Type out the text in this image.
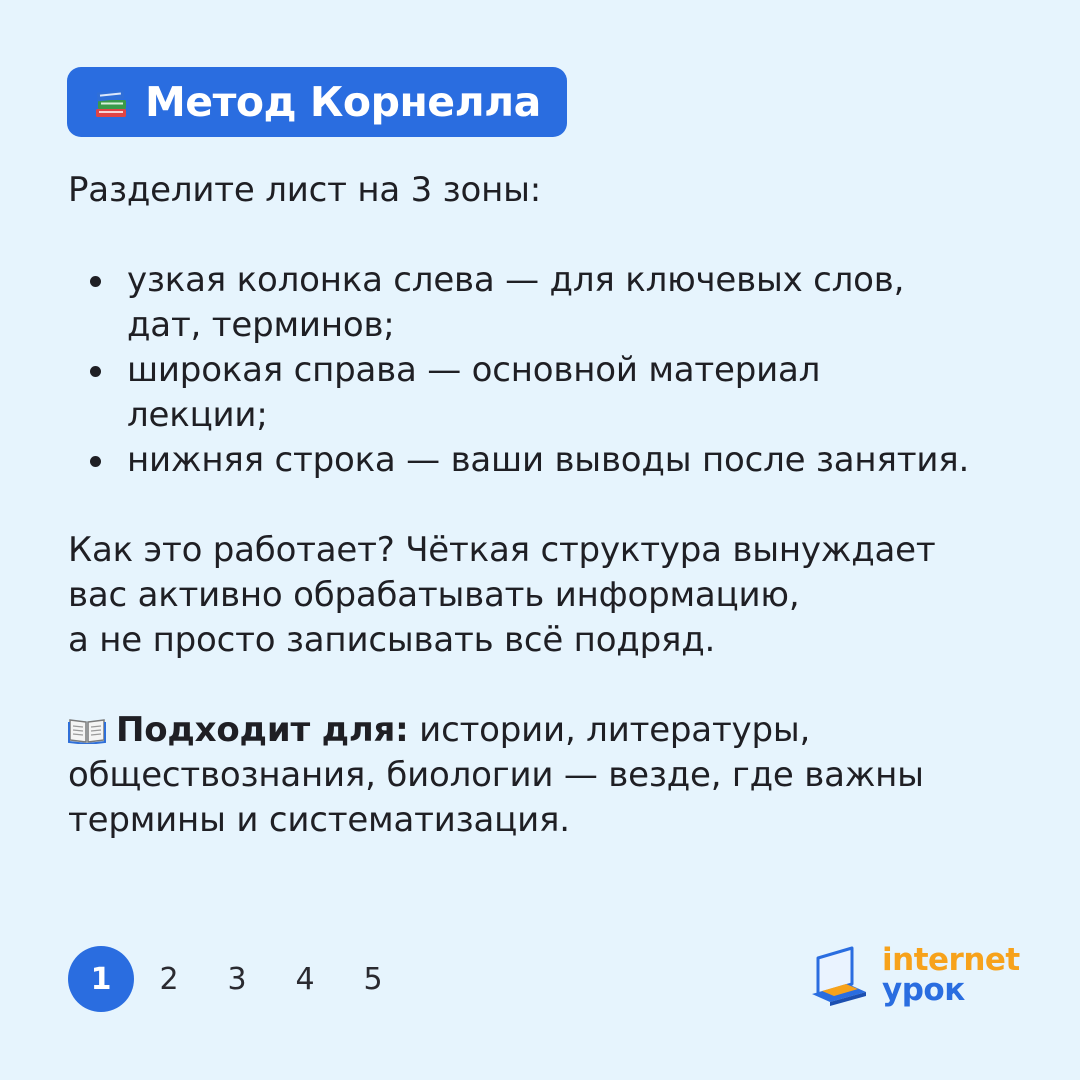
Метод Корнелла

Разделите лист на 3 зоны:

узкая колонка слева — для ключевых слов,
дат, терминов;
широкая справа — основной материал
лекции;
нижняя строка — ваши выводы после занятия.

Как это работает? Чёткая структура вынуждает
вас активно обрабатывать информацию,
а не просто записывать всё подряд.

Подходит для: истории, литературы,
обществознания, биологии — везде, где важны
термины и систематизация.

1	2	3	4	5
internet
урок
